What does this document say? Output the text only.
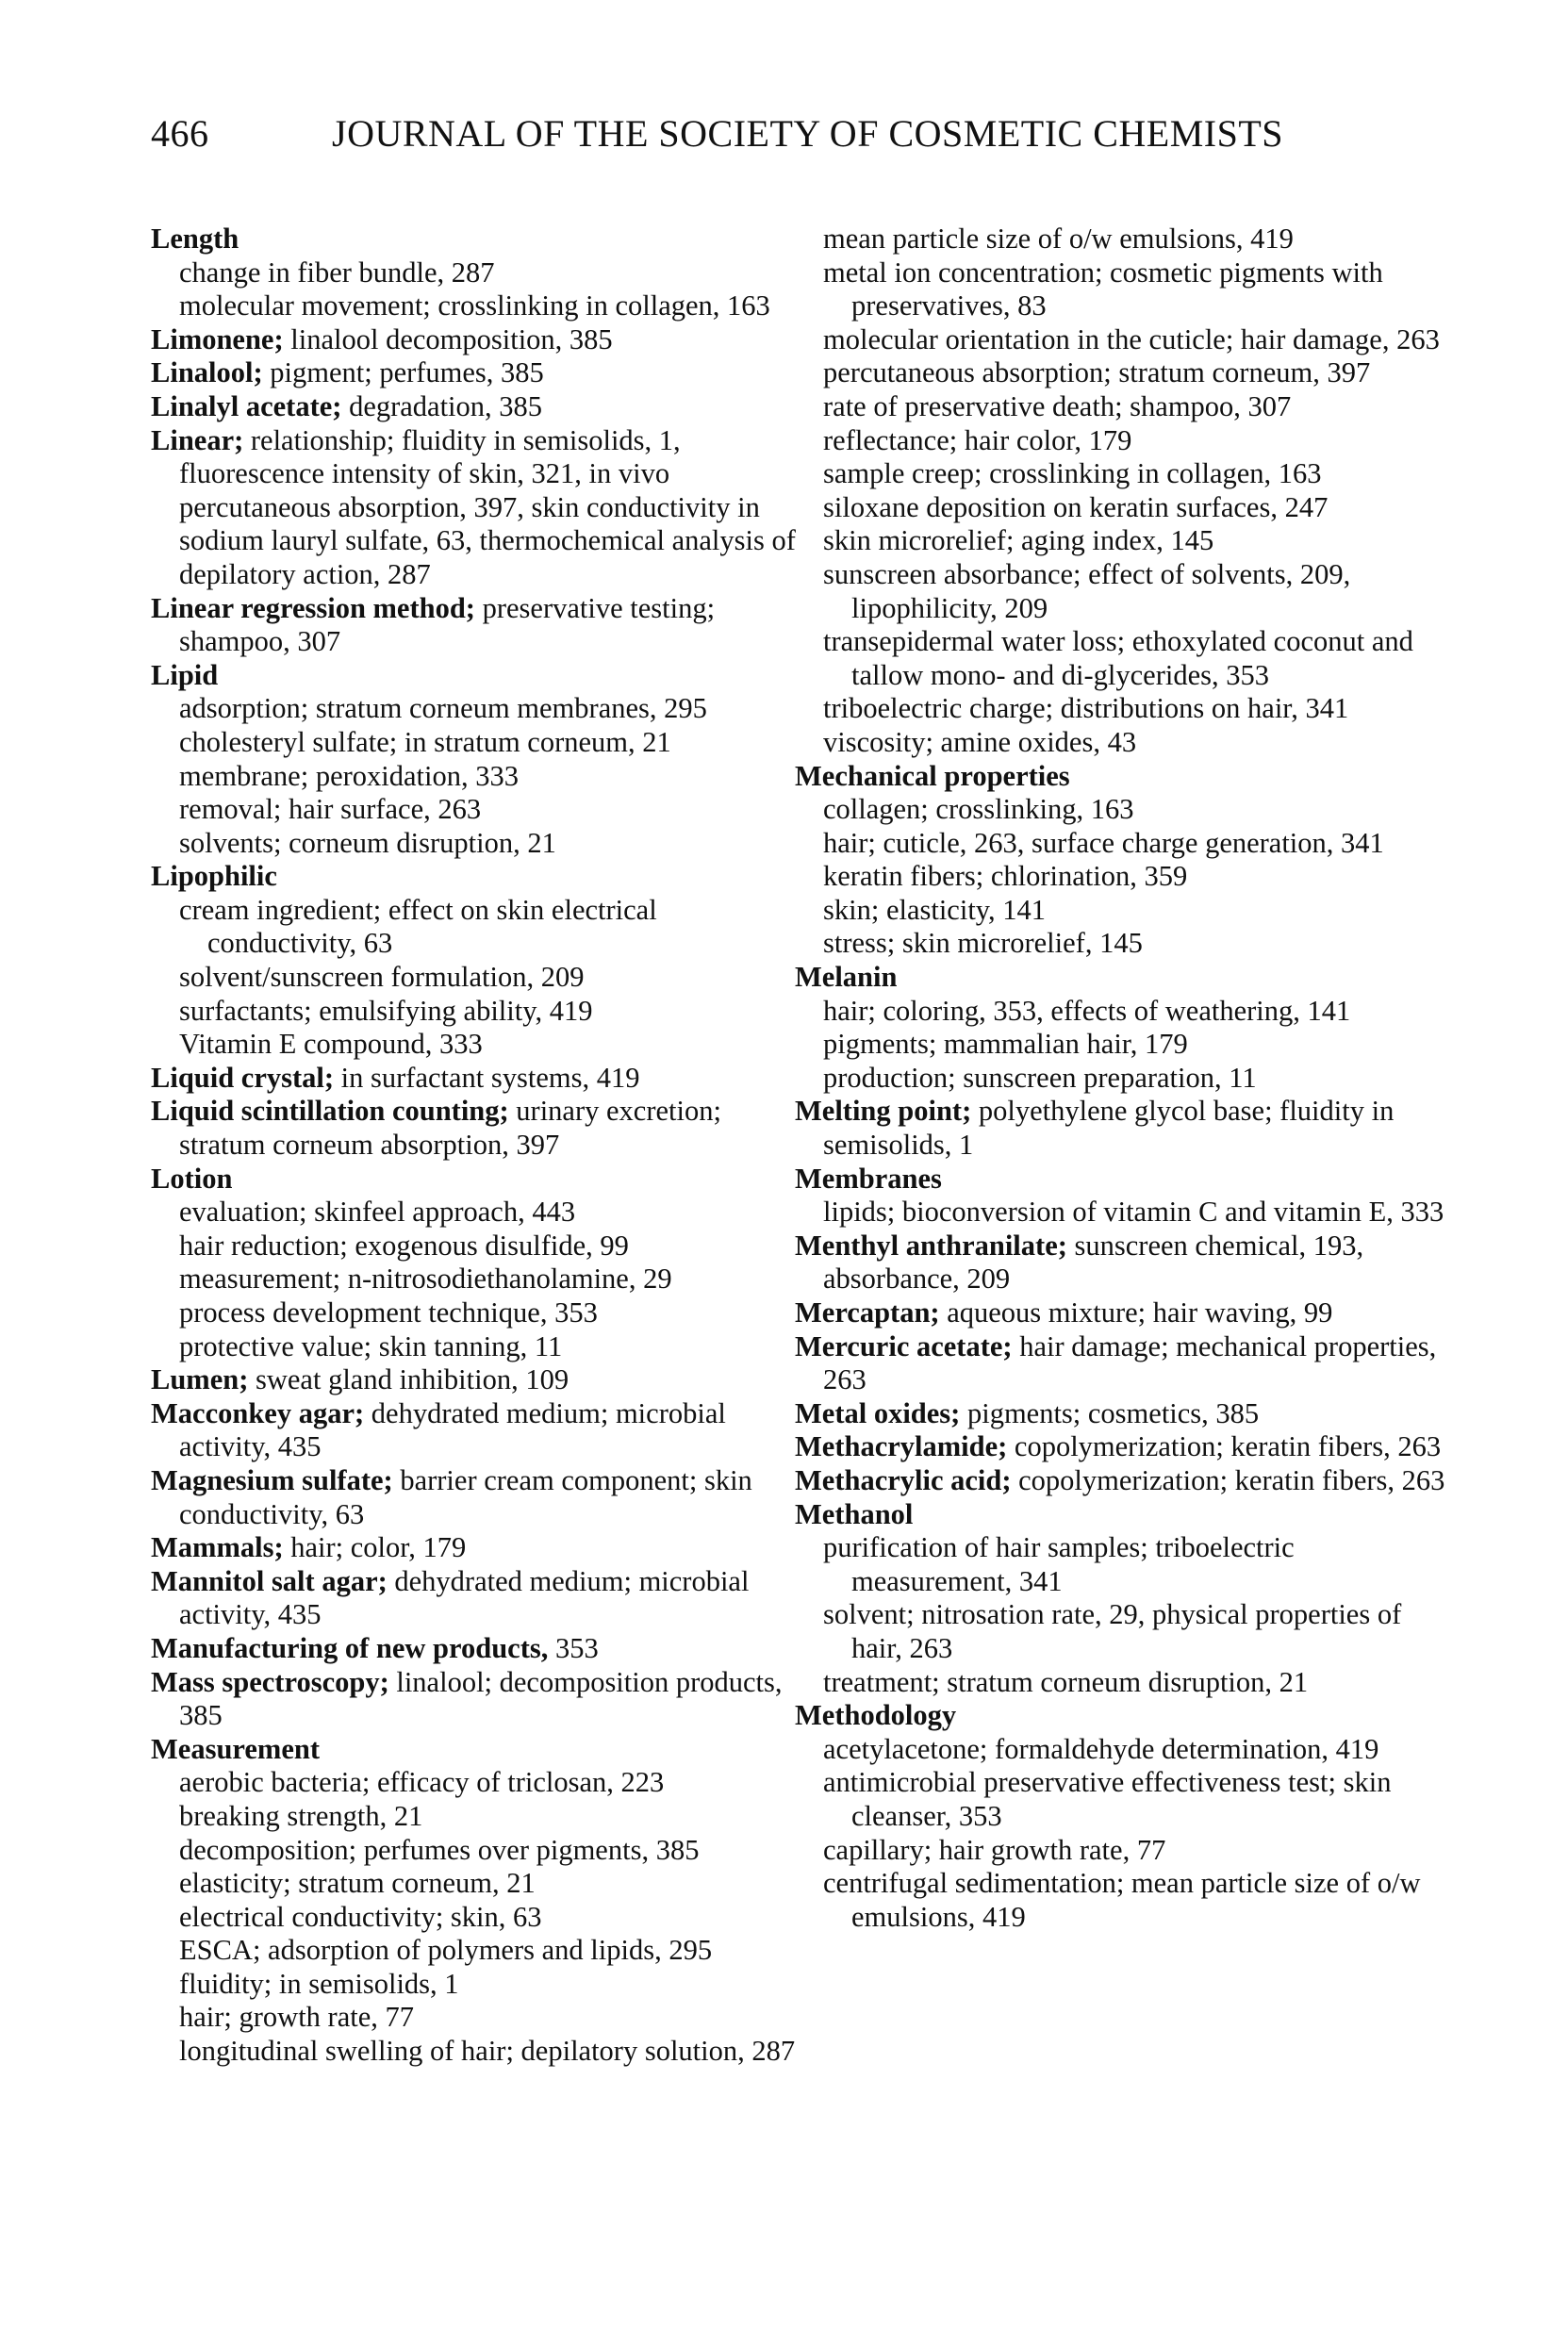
466	JOURNAL OF THE SOCIETY OF COSMETIC CHEMISTS
Length
change in fiber bundle, 287
molecular movement; crosslinking in collagen, 163
Limonene; linalool decomposition, 385
Linalool; pigment; perfumes, 385
Linalyl acetate; degradation, 385
Linear; relationship; fluidity in semisolids, 1, fluorescence intensity of skin, 321, in vivo percutaneous absorption, 397, skin conductivity in sodium lauryl sulfate, 63, thermochemical analysis of depilatory action, 287
Linear regression method; preservative testing; shampoo, 307
Lipid
adsorption; stratum corneum membranes, 295
cholesteryl sulfate; in stratum corneum, 21
membrane; peroxidation, 333
removal; hair surface, 263
solvents; corneum disruption, 21
Lipophilic
cream ingredient; effect on skin electrical conductivity, 63
solvent/sunscreen formulation, 209
surfactants; emulsifying ability, 419
Vitamin E compound, 333
Liquid crystal; in surfactant systems, 419
Liquid scintillation counting; urinary excretion; stratum corneum absorption, 397
Lotion
evaluation; skinfeel approach, 443
hair reduction; exogenous disulfide, 99
measurement; n-nitrosodiethanolamine, 29
process development technique, 353
protective value; skin tanning, 11
Lumen; sweat gland inhibition, 109
Macconkey agar; dehydrated medium; microbial activity, 435
Magnesium sulfate; barrier cream component; skin conductivity, 63
Mammals; hair; color, 179
Mannitol salt agar; dehydrated medium; microbial activity, 435
Manufacturing of new products, 353
Mass spectroscopy; linalool; decomposition products, 385
Measurement
aerobic bacteria; efficacy of triclosan, 223
breaking strength, 21
decomposition; perfumes over pigments, 385
elasticity; stratum corneum, 21
electrical conductivity; skin, 63
ESCA; adsorption of polymers and lipids, 295
fluidity; in semisolids, 1
hair; growth rate, 77
longitudinal swelling of hair; depilatory solution, 287
mean particle size of o/w emulsions, 419
metal ion concentration; cosmetic pigments with preservatives, 83
molecular orientation in the cuticle; hair damage, 263
percutaneous absorption; stratum corneum, 397
rate of preservative death; shampoo, 307
reflectance; hair color, 179
sample creep; crosslinking in collagen, 163
siloxane deposition on keratin surfaces, 247
skin microrelief; aging index, 145
sunscreen absorbance; effect of solvents, 209, lipophilicity, 209
transepidermal water loss; ethoxylated coconut and tallow mono- and di-glycerides, 353
triboelectric charge; distributions on hair, 341
viscosity; amine oxides, 43
Mechanical properties
collagen; crosslinking, 163
hair; cuticle, 263, surface charge generation, 341
keratin fibers; chlorination, 359
skin; elasticity, 141
stress; skin microrelief, 145
Melanin
hair; coloring, 353, effects of weathering, 141
pigments; mammalian hair, 179
production; sunscreen preparation, 11
Melting point; polyethylene glycol base; fluidity in semisolids, 1
Membranes
lipids; bioconversion of vitamin C and vitamin E, 333
Menthyl anthranilate; sunscreen chemical, 193, absorbance, 209
Mercaptan; aqueous mixture; hair waving, 99
Mercuric acetate; hair damage; mechanical properties, 263
Metal oxides; pigments; cosmetics, 385
Methacrylamide; copolymerization; keratin fibers, 263
Methacrylic acid; copolymerization; keratin fibers, 263
Methanol
purification of hair samples; triboelectric measurement, 341
solvent; nitrosation rate, 29, physical properties of hair, 263
treatment; stratum corneum disruption, 21
Methodology
acetylacetone; formaldehyde determination, 419
antimicrobial preservative effectiveness test; skin cleanser, 353
capillary; hair growth rate, 77
centrifugal sedimentation; mean particle size of o/w emulsions, 419
